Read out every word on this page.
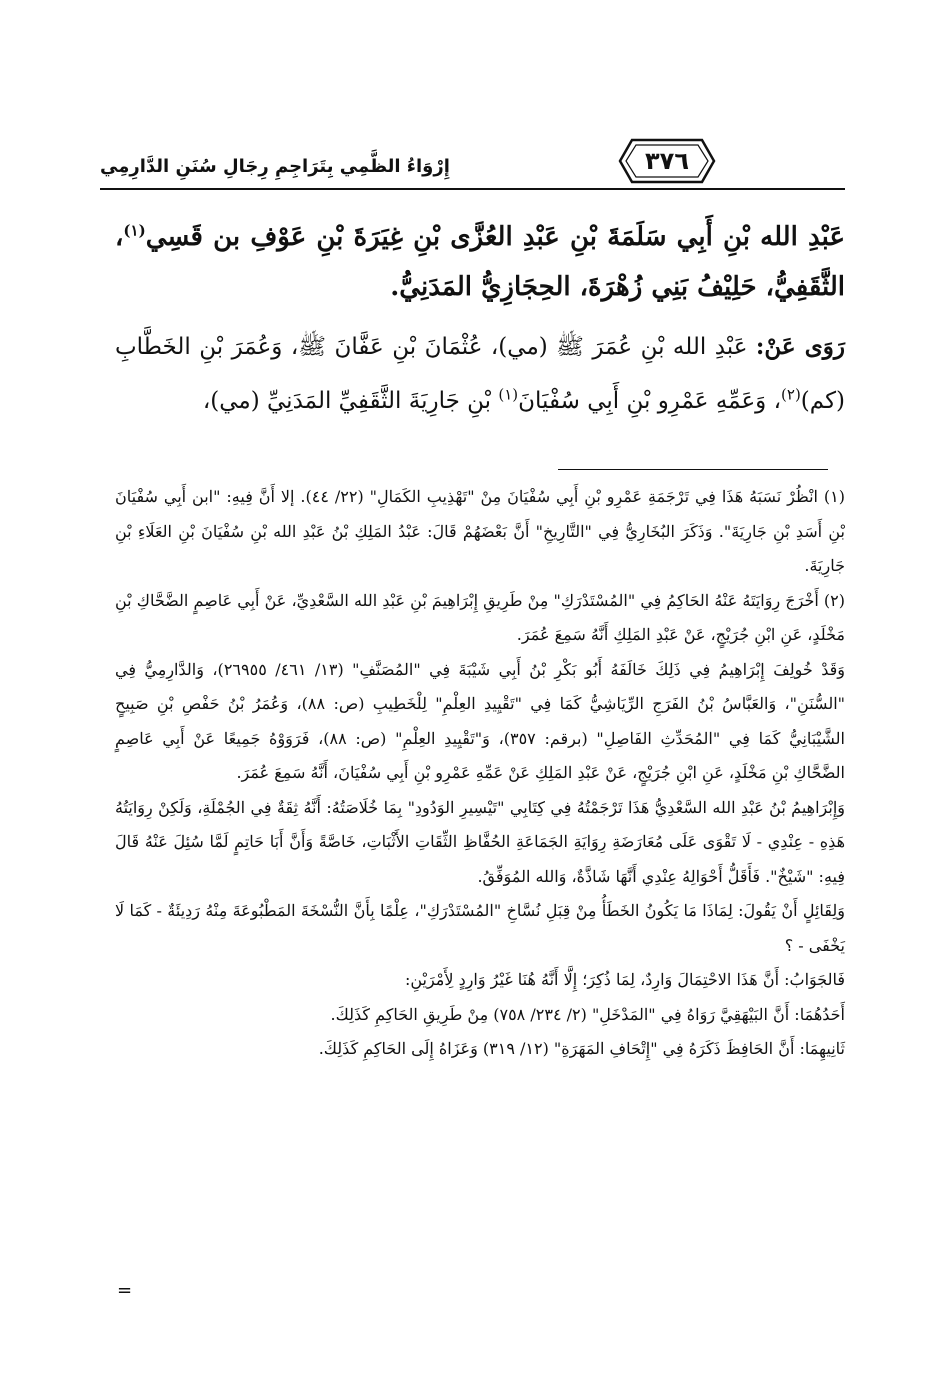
إِرْوَاءُ الظَّمِي بِتَرَاجِمِ رِجَالِ سُنَنِ الدَّارِمِي	٣٧٦

عَبْدِ الله بْنِ أَبِي سَلَمَةَ بْنِ عَبْدِ العُزَّى بْنِ غِيَرَةَ بْنِ عَوْفِ بن قَسِي$^{(١)}$، الثَّقَفِيُّ، حَلِيْفُ بَنِي زُهْرَةَ، الحِجَازِيُّ المَدَنِيُّ.

رَوَى عَنْ: عَبْدِ الله بْنِ عُمَرَ ﷺ (مي)، عُثْمَانَ بْنِ عَفَّانَ ﷺ، وَعُمَرَ بْنِ الخَطَّابِ (كم)$^{(٢)}$، وَعَمِّهِ عَمْرِو بْنِ أَبِي سُفْيَانَ$^{(١)}$ بْنِ جَارِيَةَ الثَّقَفِيِّ المَدَنِيِّ (مي)،

(١) انْظُرْ نَسَبَهُ هَذَا فِي تَرْجَمَةِ عَمْرِو بْنِ أَبِي سُفْيَانَ مِنْ "تَهْذِيبِ الكَمَالِ" (٢٢/ ٤٤). إلا أَنَّ فِيهِ: "ابن أَبِي سُفْيَانَ بْنِ أَسَدِ بْنِ جَارِيَةَ". وَذَكَرَ البُخَارِيُّ فِي "التَّارِيخِ" أَنَّ بَعْضَهُمْ قَالَ: عَبْدُ المَلِكِ بْنُ عَبْدِ الله بْنِ سُفْيَانَ بْنِ العَلَاءِ بْنِ جَارِيَةَ.

(٢) أَخْرَجَ رِوَايَتَهُ عَنْهُ الحَاكِمُ فِي "المُسْتَدْرَكِ" مِنْ طَرِيقِ إِبْرَاهِيمَ بْنِ عَبْدِ الله السَّعْدِيِّ، عَنْ أَبِي عَاصِمٍ الضَّحَّاكِ بْنِ مَخْلَدٍ، عَنِ ابْنِ جُرَيْجٍ، عَنْ عَبْدِ المَلِكِ أَنَّهُ سَمِعَ عُمَرَ.

وَقَدْ خُولِفَ إِبْرَاهِيمُ فِي ذَلِكَ خَالَفَهُ أَبُو بَكْرِ بْنُ أَبِي شَيْبَةَ فِي "المُصَنَّفِ" (١٣/ ٤٦١/ ٢٦٩٥٥)، وَالدَّارِمِيُّ فِي "السُّنَنِ"، وَالعَبَّاسُ بْنُ الفَرَجِ الرِّيَاشِيُّ كَمَا فِي "تَقْيِيدِ العِلْمِ" لِلْخَطِيبِ (ص: ٨٨)، وَعُمَرُ بْنُ حَفْصِ بْنِ صَبِيحٍ الشَّيْبَانِيُّ كَمَا فِي "المُحَدِّثِ الفَاصِلِ" (برقم: ٣٥٧)، وَ"تَقْيِيدِ العِلْمِ" (ص: ٨٨)، فَرَوَوْهُ جَمِيعًا عَنْ أَبِي عَاصِمٍ الضَّحَّاكِ بْنِ مَخْلَدٍ، عَنِ ابْنِ جُرَيْجٍ، عَنْ عَبْدِ المَلِكِ عَنْ عَمِّهِ عَمْرِو بْنِ أَبِي سُفْيَانَ، أَنَّهُ سَمِعَ عُمَرَ.

وَإِبْرَاهِيمُ بْنُ عَبْدِ الله السَّعْدِيُّ هَذَا تَرْجَمْتُهُ فِي كِتَابِي "تَيْسِيرِ الوَدُودِ" بِمَا خُلَاصَتُهُ: أَنَّهُ ثِقَةٌ فِي الجُمْلَةِ، وَلَكِنْ رِوَايَتُهُ هَذِهِ - عِنْدِي - لَا تَقْوَى عَلَى مُعَارَضَةِ رِوَايَةِ الجَمَاعَةِ الحُفَّاظِ الثِّقَاتِ الأَثْبَاتِ، خَاصَّةً وَأَنَّ أَبَا حَاتِمٍ لَمَّا سُئِلَ عَنْهُ قَالَ فِيهِ: "شَيْخٌ". فَأَقَلُّ أَحْوَالِهُ عِنْدِي أَنَّهَا شَاذَّةٌ، وَالله المُوَفِّقُ.

وَلِقَائِلٍ أَنْ يَقُولَ: لِمَاذَا مَا يَكُونُ الخَطَأُ مِنْ قِبَلِ نُسَّاخِ "المُسْتَدْرَكِ"، عِلْمًا بِأَنَّ النُّسْخَةَ المَطْبُوعَةَ مِنْهُ رَدِيئَةٌ - كَمَا لَا يَخْفَى - ؟

فَالجَوَابُ: أَنَّ هَذَا الاحْتِمَالَ وَارِدٌ، لِمَا ذُكِرَ؛ إِلَّا أَنَّهُ هُنَا غَيْرُ وَارِدٍ لِأَمْرَيْنِ:

أَحَدُهُمَا: أَنَّ البَيْهَقِيَّ رَوَاهُ فِي "المَدْخَلِ" (٢/ ٢٣٤/ ٧٥٨) مِنْ طَرِيقِ الحَاكِمِ كَذَلِكَ.

ثَانِيهِمَا: أَنَّ الحَافِظَ ذَكَرَهُ فِي "إِتْحَافِ المَهَرَةِ" (١٢/ ٣١٩) وَعَزَاهُ إِلَى الحَاكِمِ كَذَلِكَ.

=
